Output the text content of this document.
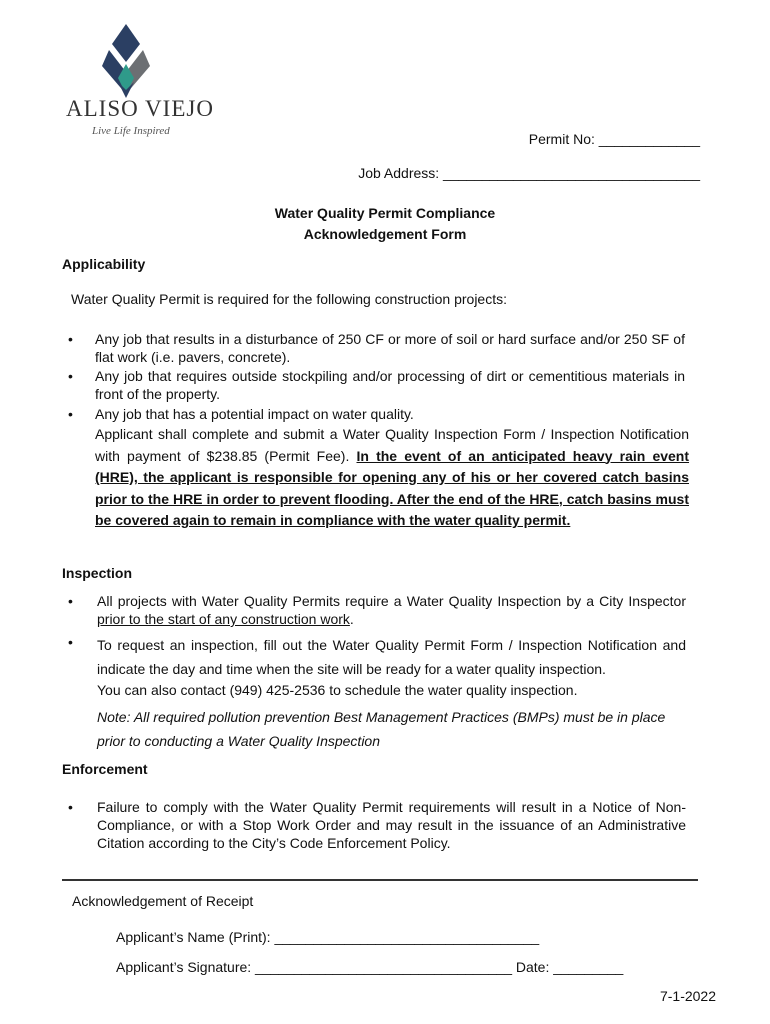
ALISO VIEJO
Live Life Inspired	Permit No: _____________
Job Address: _________________________________
Water Quality Permit Compliance
Acknowledgement Form
Applicability
Water Quality Permit is required for the following construction projects:
• Any job that results in a disturbance of 250 CF or more of soil or hard surface and/or 250 SF of flat work (i.e. pavers, concrete).
• Any job that requires outside stockpiling and/or processing of dirt or cementitious materials in front of the property.
• Any job that has a potential impact on water quality.
Applicant shall complete and submit a Water Quality Inspection Form / Inspection Notification with payment of $238.85 (Permit Fee). In the event of an anticipated heavy rain event (HRE), the applicant is responsible for opening any of his or her covered catch basins prior to the HRE in order to prevent flooding. After the end of the HRE, catch basins must be covered again to remain in compliance with the water quality permit.
Inspection
• All projects with Water Quality Permits require a Water Quality Inspection by a City Inspector prior to the start of any construction work.
• To request an inspection, fill out the Water Quality Permit Form / Inspection Notification and indicate the day and time when the site will be ready for a water quality inspection.
You can also contact (949) 425-2536 to schedule the water quality inspection.
Note: All required pollution prevention Best Management Practices (BMPs) must be in place prior to conducting a Water Quality Inspection
Enforcement
• Failure to comply with the Water Quality Permit requirements will result in a Notice of Non-Compliance, or with a Stop Work Order and may result in the issuance of an Administrative Citation according to the City’s Code Enforcement Policy.
Acknowledgement of Receipt
Applicant’s Name (Print): __________________________________
Applicant’s Signature: _________________________________ Date: _________
7-1-2022
